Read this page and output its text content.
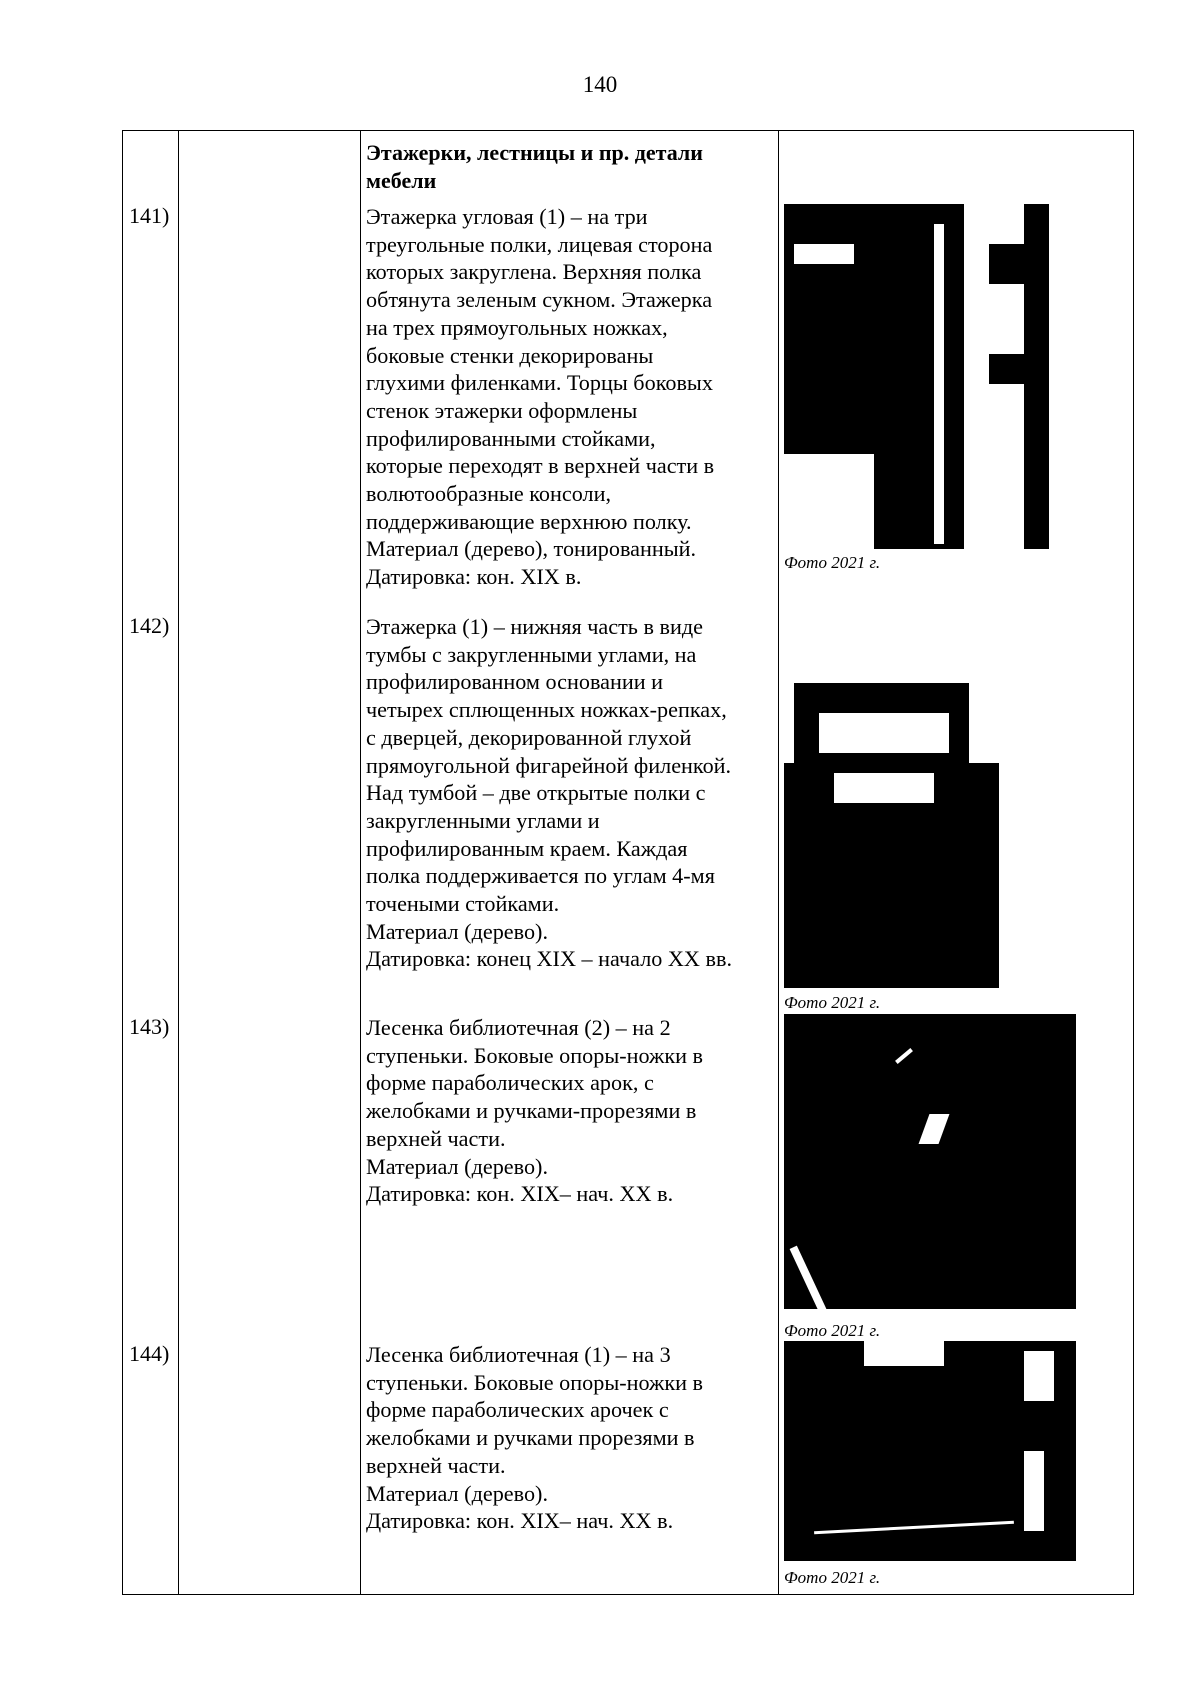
140
Этажерки, лестницы и пр. детали
мебели
141)	Этажерка угловая (1) – на три
треугольные полки, лицевая сторона
которых закруглена. Верхняя полка
обтянута зеленым сукном. Этажерка
на трех прямоугольных ножках,
боковые стенки декорированы
глухими филенками. Торцы боковых
стенок этажерки оформлены
профилированными стойками,
которые переходят в верхней части в
волютообразные консоли,
поддерживающие верхнюю полку.
Материал (дерево), тонированный.
Датировка: кон. XIX в.
Фото 2021 г.
142)	Этажерка (1) – нижняя часть в виде
тумбы с закругленными углами, на
профилированном основании и
четырех сплющенных ножках-репках,
с дверцей, декорированной глухой
прямоугольной фигарейной филенкой.
Над тумбой – две открытые полки с
закругленными углами и
профилированным краем. Каждая
полка поддерживается по углам 4-мя
точеными стойками.
Материал (дерево).
Датировка: конец XIX – начало XX вв.
Фото 2021 г.
143)	Лесенка библиотечная (2) – на 2
ступеньки. Боковые опоры-ножки в
форме параболических арок, с
желобками и ручками-прорезями в
верхней части.
Материал (дерево).
Датировка: кон. XIX– нач. XX в.
Фото 2021 г.
144)	Лесенка библиотечная (1) – на 3
ступеньки. Боковые опоры-ножки в
форме параболических арочек с
желобками и ручками прорезями в
верхней части.
Материал (дерево).
Датировка: кон. XIX– нач. XX в.
Фото 2021 г.
